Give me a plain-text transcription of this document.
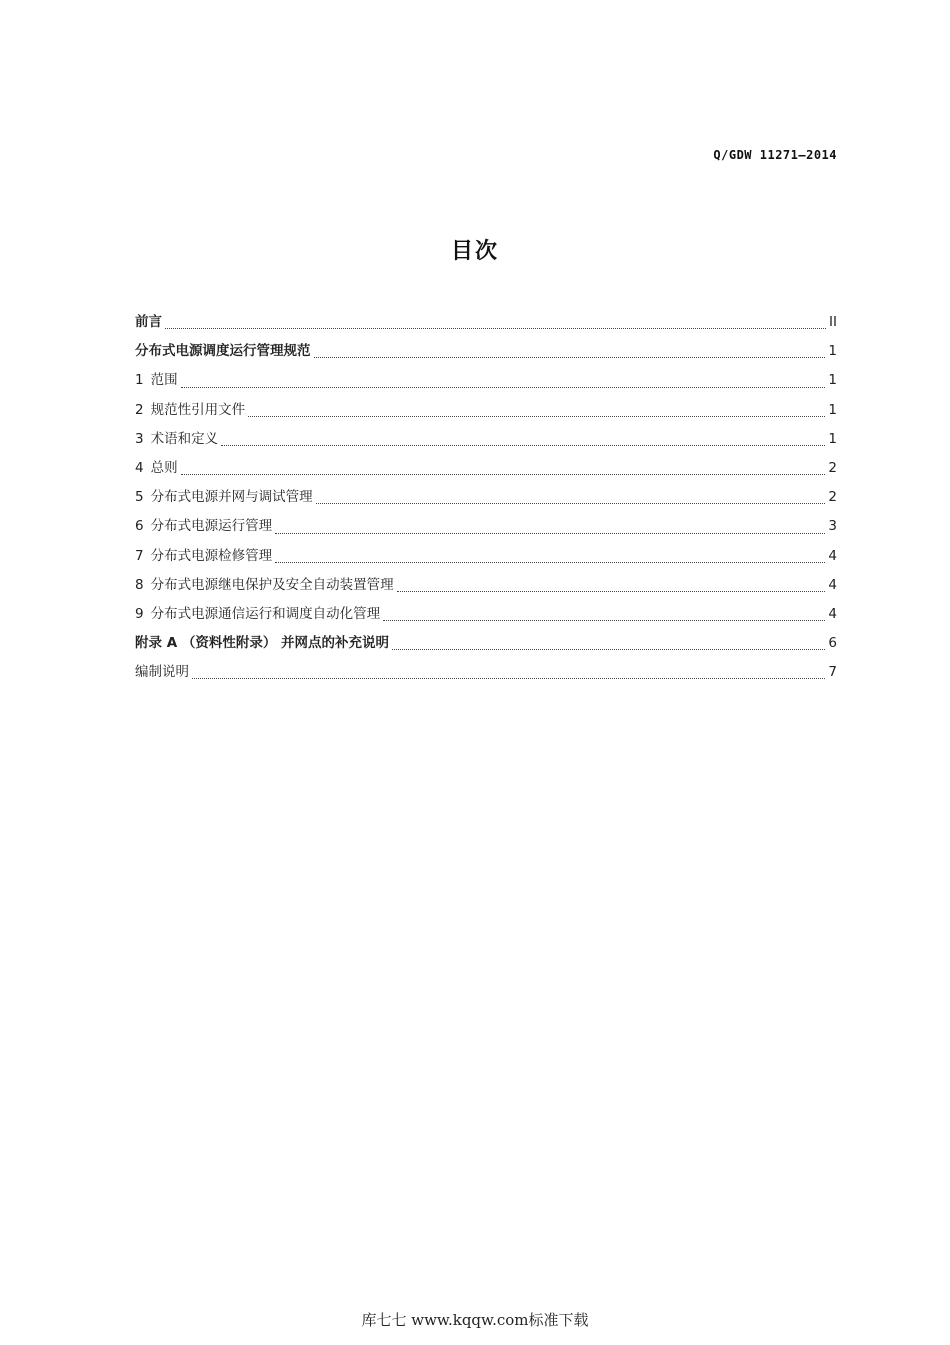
Q/GDW 11271—2014
目次
前言	II
分布式电源调度运行管理规范	1
1 范围	1
2 规范性引用文件	1
3 术语和定义	1
4 总则	2
5 分布式电源并网与调试管理	2
6 分布式电源运行管理	3
7 分布式电源检修管理	4
8 分布式电源继电保护及安全自动装置管理	4
9 分布式电源通信运行和调度自动化管理	4
附录 A （资料性附录） 并网点的补充说明	6
编制说明	7
库七七 www.kqqw.com标准下载
